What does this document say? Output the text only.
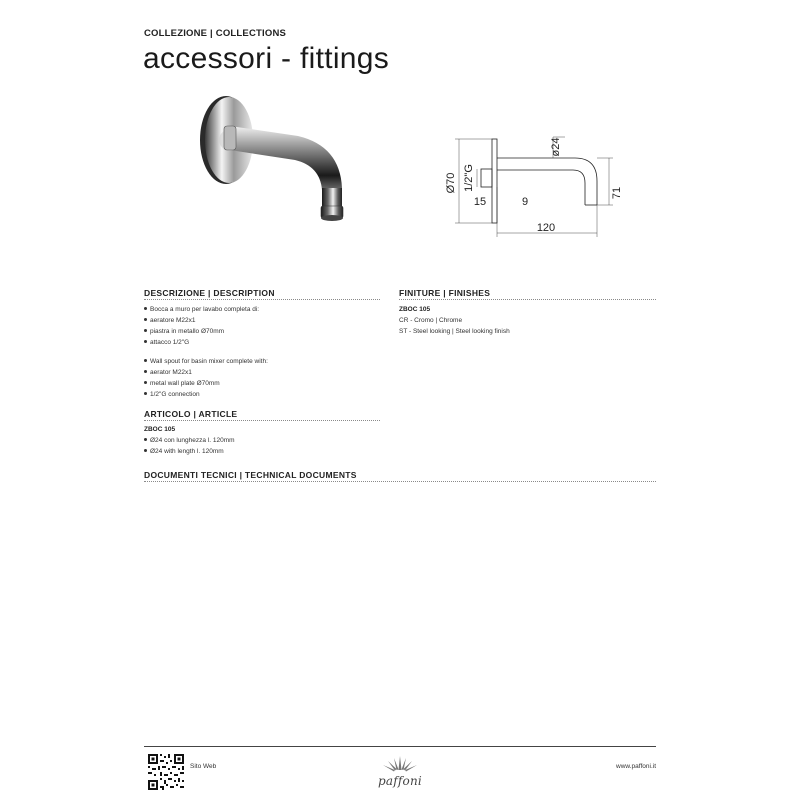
COLLEZIONE | COLLECTIONS
accessori - fittings
Ø70 1/2"G
ø24
15	9
120
71
DESCRIZIONE | DESCRIPTION
Bocca a muro per lavabo completa di:
aeratore M22x1
piastra in metallo Ø70mm
attacco 1/2"G
Wall spout for basin mixer complete with:
aerator M22x1
metal wall plate Ø70mm
1/2"G connection
ARTICOLO | ARTICLE
ZBOC 105
Ø24 con lunghezza l. 120mm
Ø24 with length l. 120mm
FINITURE | FINISHES
ZBOC 105
CR - Cromo | Chrome
ST - Steel looking | Steel looking finish
DOCUMENTI TECNICI | TECHNICAL DOCUMENTS
Sito Web
paffoni
www.paffoni.it
